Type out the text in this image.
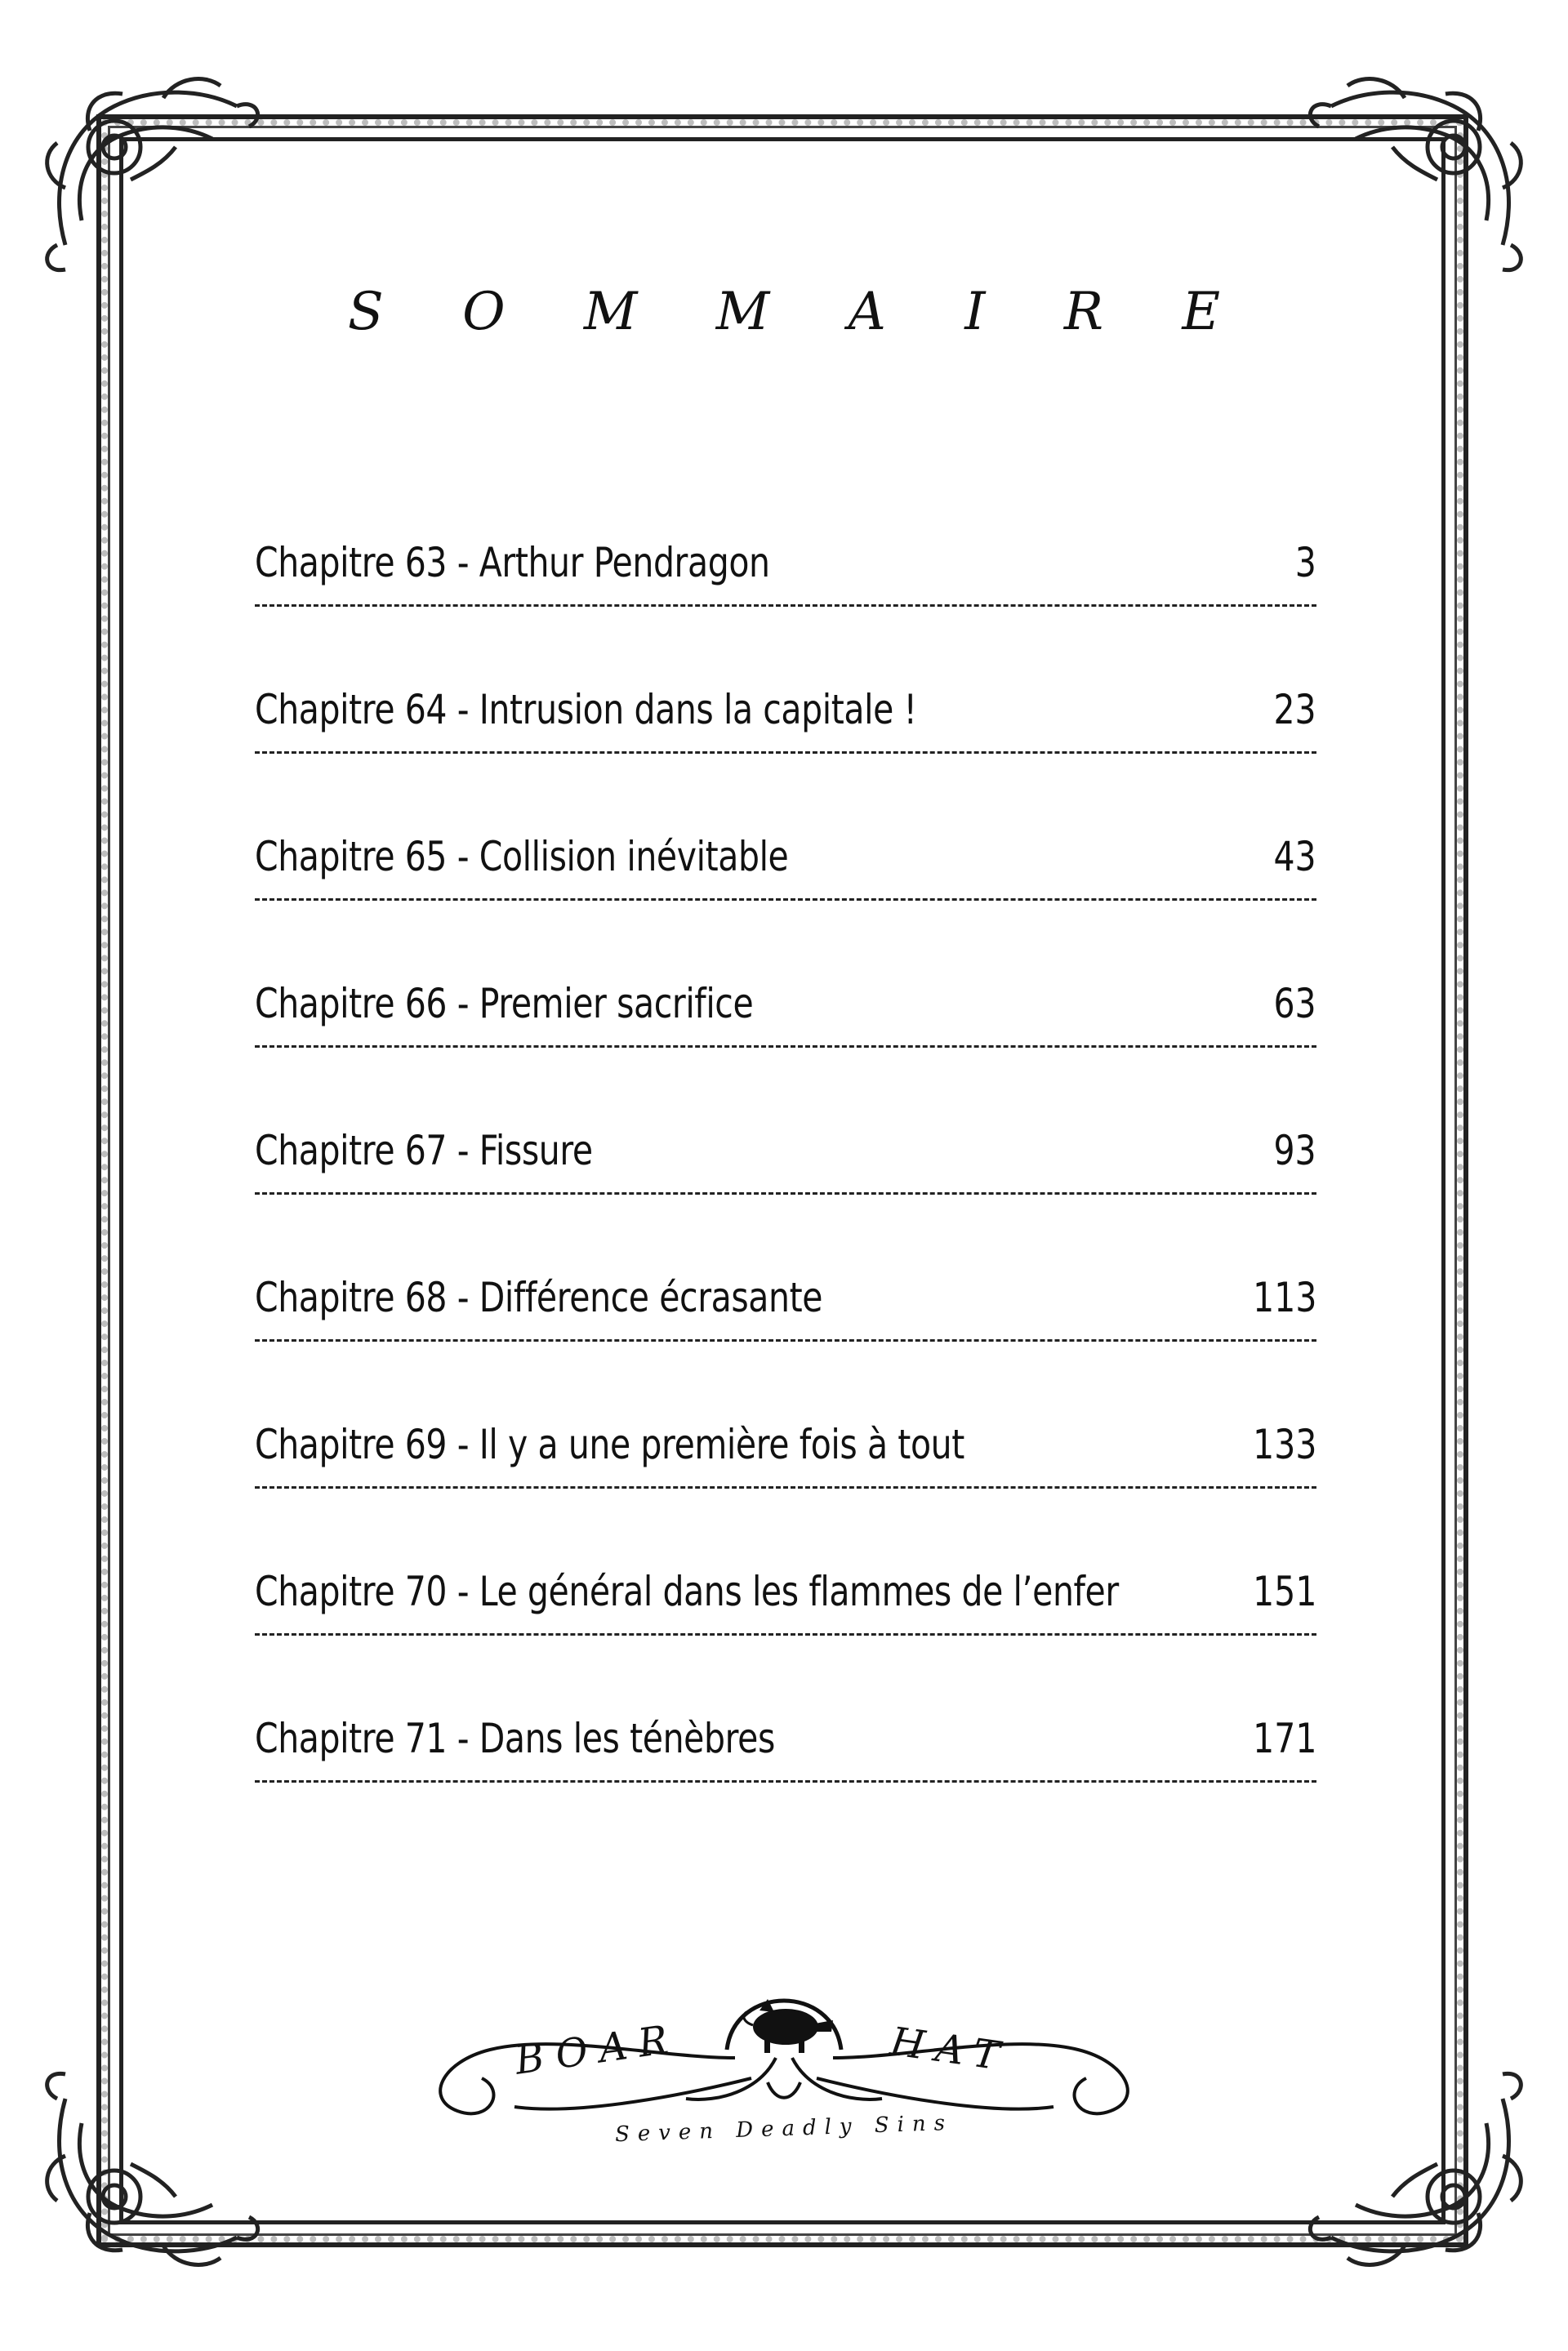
S O M M A I R E
Chapitre 63 - Arthur Pendragon	3
Chapitre 64 - Intrusion dans la capitale !	23
Chapitre 65 - Collision inévitable	43
Chapitre 66 - Premier sacrifice	63
Chapitre 67 - Fissure	93
Chapitre 68 - Différence écrasante	113
Chapitre 69 - Il y a une première fois à tout	133
Chapitre 70 - Le général dans les flammes de l’enfer	151
Chapitre 71 - Dans les ténèbres	171
BOAR	HAT
Seven Deadly Sins
